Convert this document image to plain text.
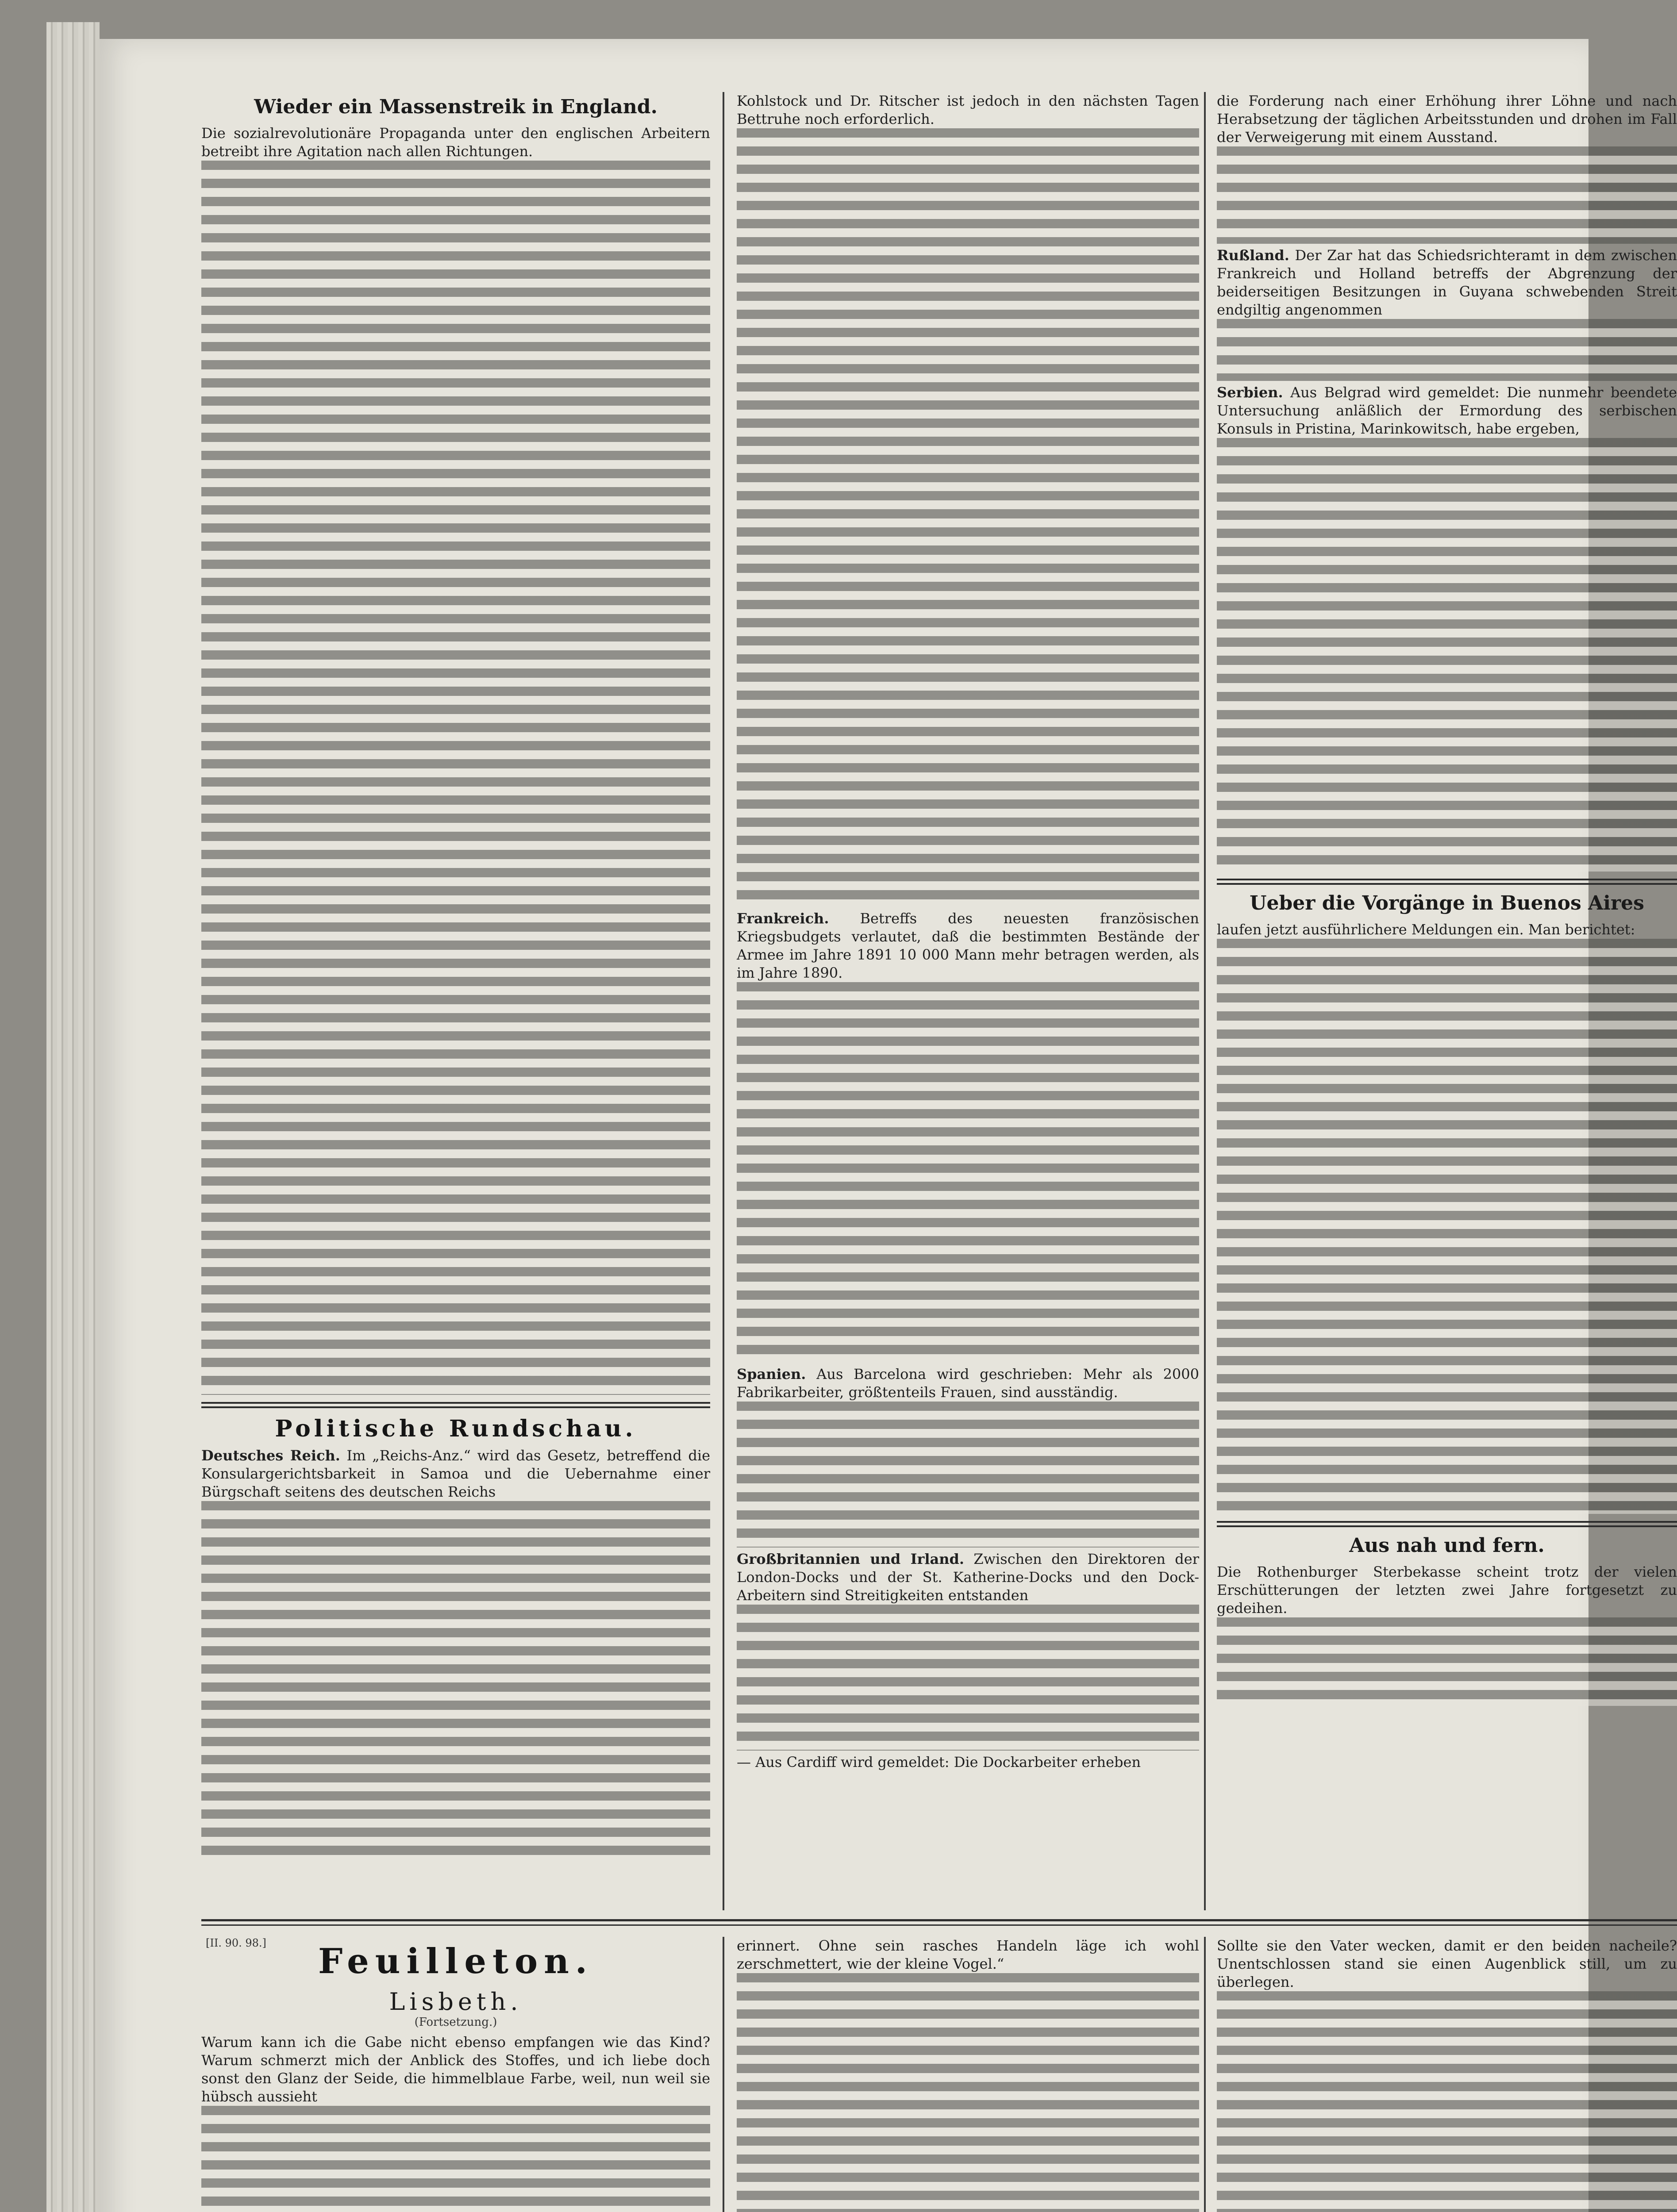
Wieder ein Massenstreik in England.

Die sozialrevolutionäre Propaganda unter den englischen Arbeitern betreibt ihre Agitation nach allen Richtungen.

Politische Rundschau.

Deutsches Reich. Im „Reichs-Anz.“ wird das Gesetz, betreffend die Konsulargerichtsbarkeit in Samoa und die Uebernahme einer Bürgschaft seitens des deutschen Reichs

Kohlstock und Dr. Ritscher ist jedoch in den nächsten Tagen Bettruhe noch erforderlich.

Frankreich. Betreffs des neuesten französischen Kriegsbudgets verlautet, daß die bestimmten Bestände der Armee im Jahre 1891 10 000 Mann mehr betragen werden, als im Jahre 1890.

Spanien. Aus Barcelona wird geschrieben: Mehr als 2000 Fabrikarbeiter, größtenteils Frauen, sind ausständig.

Großbritannien und Irland. Zwischen den Direktoren der London-Docks und der St. Katherine-Docks und den Dock-Arbeitern sind Streitigkeiten entstanden

— Aus Cardiff wird gemeldet: Die Dockarbeiter erheben

die Forderung nach einer Erhöhung ihrer Löhne und nach Herabsetzung der täglichen Arbeitsstunden und drohen im Fall der Verweigerung mit einem Ausstand.

Rußland. Der Zar hat das Schiedsrichteramt in dem zwischen Frankreich und Holland betreffs der Abgrenzung der beiderseitigen Besitzungen in Guyana schwebenden Streit endgiltig angenommen

Serbien. Aus Belgrad wird gemeldet: Die nunmehr beendete Untersuchung anläßlich der Ermordung des serbischen Konsuls in Pristina, Marinkowitsch, habe ergeben,

Ueber die Vorgänge in Buenos Aires

laufen jetzt ausführlichere Meldungen ein. Man berichtet:

Aus nah und fern.

Die Rothenburger Sterbekasse scheint trotz der vielen Erschütterungen der letzten zwei Jahre fortgesetzt zu gedeihen.

[II. 90. 98.]	Feuilleton.
Lisbeth.
(Fortsetzung.)

Warum kann ich die Gabe nicht ebenso empfangen wie das Kind? Warum schmerzt mich der Anblick des Stoffes, und ich liebe doch sonst den Glanz der Seide, die himmelblaue Farbe, weil, nun weil sie hübsch aussieht

erinnert. Ohne sein rasches Handeln läge ich wohl zerschmettert, wie der kleine Vogel.“

Sollte sie den Vater wecken, damit er den beiden nacheile? Unentschlossen stand sie einen Augenblick still, um zu überlegen.
